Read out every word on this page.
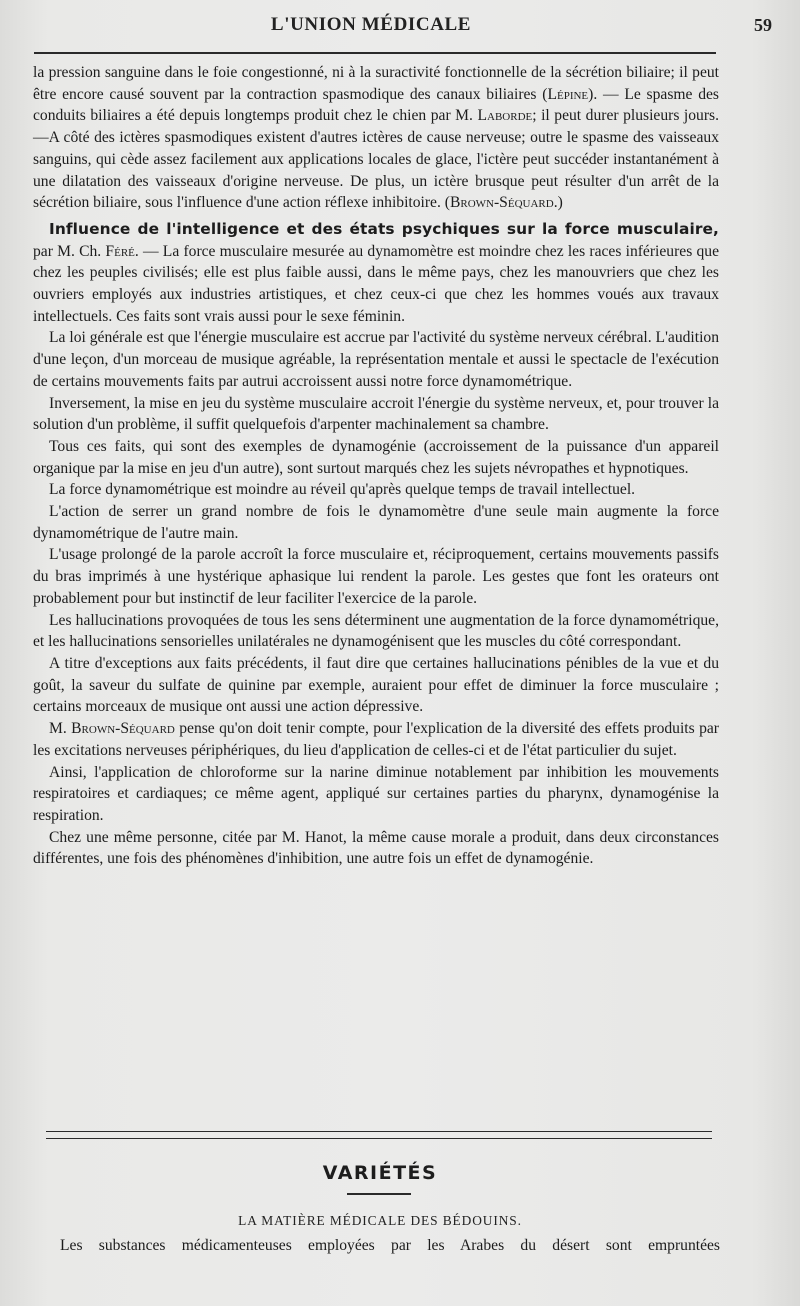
L'UNION MÉDICALE	59

la pression sanguine dans le foie congestionné, ni à la suractivité fonctionnelle de la sécrétion biliaire; il peut être encore causé souvent par la contraction spasmodique des canaux biliaires (Lépine). — Le spasme des conduits biliaires a été depuis longtemps produit chez le chien par M. Laborde; il peut durer plusieurs jours. —A côté des ictères spasmodiques existent d'autres ictères de cause nerveuse; outre le spasme des vaisseaux sanguins, qui cède assez facilement aux applications locales de glace, l'ictère peut succéder instantanément à une dilatation des vaisseaux d'origine nerveuse. De plus, un ictère brusque peut résulter d'un arrêt de la sécrétion biliaire, sous l'influence d'une action réflexe inhibitoire. (Brown-Séquard.)

Influence de l'intelligence et des états psychiques sur la force musculaire, par M. Ch. Féré. — La force musculaire mesurée au dynamomètre est moindre chez les races inférieures que chez les peuples civilisés; elle est plus faible aussi, dans le même pays, chez les manouvriers que chez les ouvriers employés aux industries artistiques, et chez ceux-ci que chez les hommes voués aux travaux intellectuels. Ces faits sont vrais aussi pour le sexe féminin.

La loi générale est que l'énergie musculaire est accrue par l'activité du système nerveux cérébral. L'audition d'une leçon, d'un morceau de musique agréable, la représentation mentale et aussi le spectacle de l'exécution de certains mouvements faits par autrui accroissent aussi notre force dynamométrique.

Inversement, la mise en jeu du système musculaire accroit l'énergie du système nerveux, et, pour trouver la solution d'un problème, il suffit quelquefois d'arpenter machinalement sa chambre.

Tous ces faits, qui sont des exemples de dynamogénie (accroissement de la puissance d'un appareil organique par la mise en jeu d'un autre), sont surtout marqués chez les sujets névropathes et hypnotiques.

La force dynamométrique est moindre au réveil qu'après quelque temps de travail intellectuel.

L'action de serrer un grand nombre de fois le dynamomètre d'une seule main augmente la force dynamométrique de l'autre main.

L'usage prolongé de la parole accroît la force musculaire et, réciproquement, certains mouvements passifs du bras imprimés à une hystérique aphasique lui rendent la parole. Les gestes que font les orateurs ont probablement pour but instinctif de leur faciliter l'exercice de la parole.

Les hallucinations provoquées de tous les sens déterminent une augmentation de la force dynamométrique, et les hallucinations sensorielles unilatérales ne dynamogénisent que les muscles du côté correspondant.

A titre d'exceptions aux faits précédents, il faut dire que certaines hallucinations pénibles de la vue et du goût, la saveur du sulfate de quinine par exemple, auraient pour effet de diminuer la force musculaire ; certains morceaux de musique ont aussi une action dépressive.

M. Brown-Séquard pense qu'on doit tenir compte, pour l'explication de la diversité des effets produits par les excitations nerveuses périphériques, du lieu d'application de celles-ci et de l'état particulier du sujet.

Ainsi, l'application de chloroforme sur la narine diminue notablement par inhibition les mouvements respiratoires et cardiaques; ce même agent, appliqué sur certaines parties du pharynx, dynamogénise la respiration.

Chez une même personne, citée par M. Hanot, la même cause morale a produit, dans deux circonstances différentes, une fois des phénomènes d'inhibition, une autre fois un effet de dynamogénie.

VARIÉTÉS
LA MATIÈRE MÉDICALE DES BÉDOUINS.
Les substances médicamenteuses employées par les Arabes du désert sont empruntées
